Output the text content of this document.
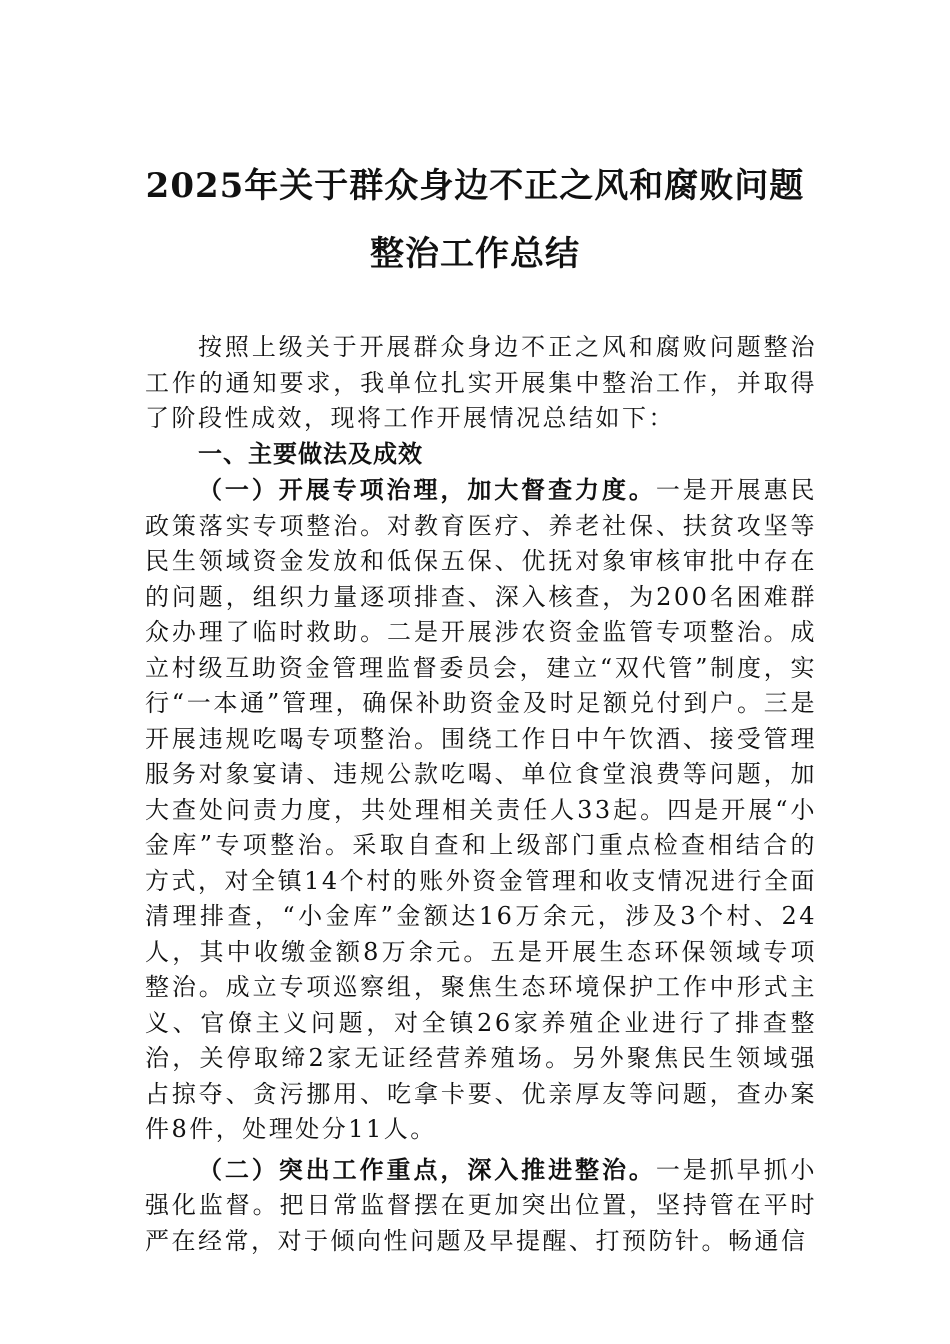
2025年关于群众身边不正之风和腐败问题
整治工作总结

按照上级关于开展群众身边不正之风和腐败问题整治工作的通知要求，我单位扎实开展集中整治工作，并取得了阶段性成效，现将工作开展情况总结如下：

一、主要做法及成效

（一）开展专项治理，加大督查力度。一是开展惠民政策落实专项整治。对教育医疗、养老社保、扶贫攻坚等民生领域资金发放和低保五保、优抚对象审核审批中存在的问题，组织力量逐项排查、深入核查，为200名困难群众办理了临时救助。二是开展涉农资金监管专项整治。成立村级互助资金管理监督委员会，建立“双代管”制度，实行“一本通”管理，确保补助资金及时足额兑付到户。三是开展违规吃喝专项整治。围绕工作日中午饮酒、接受管理服务对象宴请、违规公款吃喝、单位食堂浪费等问题，加大查处问责力度，共处理相关责任人33起。四是开展“小金库”专项整治。采取自查和上级部门重点检查相结合的方式，对全镇14个村的账外资金管理和收支情况进行全面清理排查，“小金库”金额达16万余元，涉及3个村、24人，其中收缴金额8万余元。五是开展生态环保领域专项整治。成立专项巡察组，聚焦生态环境保护工作中形式主义、官僚主义问题，对全镇26家养殖企业进行了排查整治，关停取缔2家无证经营养殖场。另外聚焦民生领域强占掠夺、贪污挪用、吃拿卡要、优亲厚友等问题，查办案件8件，处理处分11人。

（二）突出工作重点，深入推进整治。一是抓早抓小强化监督。把日常监督摆在更加突出位置，坚持管在平时严在经常，对于倾向性问题及早提醒、打预防针。畅通信
